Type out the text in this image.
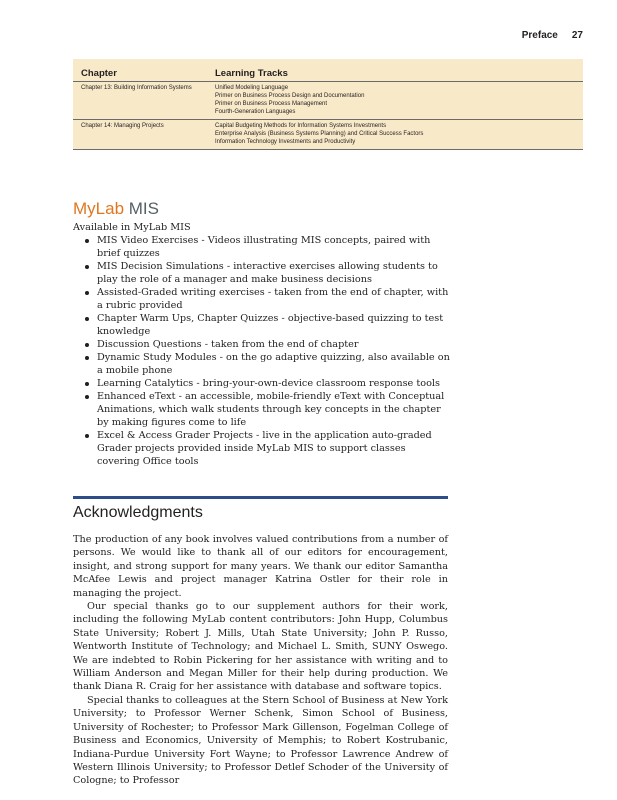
Preface 27
Chapter	Learning Tracks
Chapter 13: Building Information Systems	Unified Modeling Language
Primer on Business Process Design and Documentation
Primer on Business Process Management
Fourth-Generation Languages

Chapter 14: Managing Projects	Capital Budgeting Methods for Information Systems Investments
Enterprise Analysis (Business Systems Planning) and Critical Success Factors
Information Technology Investments and Productivity
MyLab MIS

Available in MyLab MIS

MIS Video Exercises - Videos illustrating MIS concepts, paired with brief quizzes
MIS Decision Simulations - interactive exercises allowing students to play the role of a manager and make business decisions
Assisted-Graded writing exercises - taken from the end of chapter, with a rubric provided
Chapter Warm Ups, Chapter Quizzes - objective-based quizzing to test knowledge
Discussion Questions - taken from the end of chapter
Dynamic Study Modules - on the go adaptive quizzing, also available on a mobile phone
Learning Catalytics - bring-your-own-device classroom response tools
Enhanced eText - an accessible, mobile-friendly eText with Conceptual Animations, which walk students through key concepts in the chapter by making figures come to life
Excel & Access Grader Projects - live in the application auto-graded Grader projects provided inside MyLab MIS to support classes covering Office tools
Acknowledgments

The production of any book involves valued contributions from a number of persons. We would like to thank all of our editors for encouragement, insight, and strong support for many years. We thank our editor Samantha McAfee Lewis and project manager Katrina Ostler for their role in managing the project.

Our special thanks go to our supplement authors for their work, including the following MyLab content contributors: John Hupp, Columbus State University; Robert J. Mills, Utah State University; John P. Russo, Wentworth Institute of Technology; and Michael L. Smith, SUNY Oswego. We are indebted to Robin Pickering for her assistance with writing and to William Anderson and Megan Miller for their help during production. We thank Diana R. Craig for her assistance with database and software topics.

Special thanks to colleagues at the Stern School of Business at New York University; to Professor Werner Schenk, Simon School of Business, University of Rochester; to Professor Mark Gillenson, Fogelman College of Business and Economics, University of Memphis; to Robert Kostrubanic, Indiana-Purdue University Fort Wayne; to Professor Lawrence Andrew of Western Illinois University; to Professor Detlef Schoder of the University of Cologne; to Professor
